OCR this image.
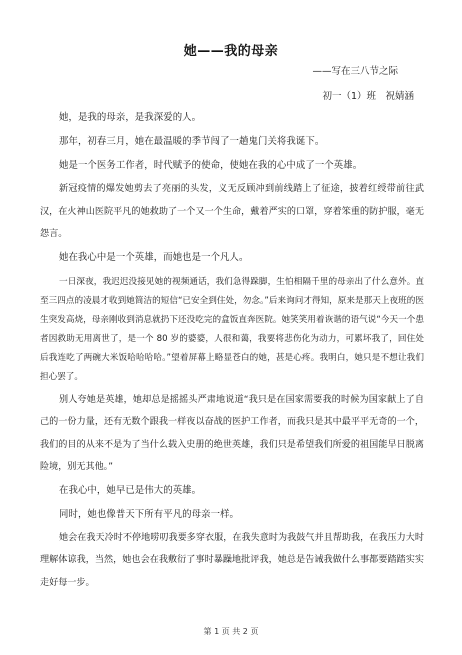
她——我的母亲
——写在三八节之际
初一（1）班　祝婧涵

她，是我的母亲，是我深爱的人。

那年，初春三月，她在最温暖的季节闯了一趟鬼门关将我诞下。

她是一个医务工作者，时代赋予的使命，使她在我的心中成了一个英雄。

新冠疫情的爆发她剪去了亮丽的头发，义无反顾冲到前线踏上了征途，披着红绶带前往武汉，在火神山医院平凡的她救助了一个又一个生命，戴着严实的口罩，穿着笨重的防护服，毫无怨言。

她在我心中是一个英雄，而她也是一个凡人。

一日深夜，我迟迟没接见她的视频通话，我们急得跺脚，生怕相隔千里的母亲出了什么意外。直至三四点的凌晨才收到她简洁的短信“已安全到住处，勿念。”后来询问才得知，原来是那天上夜班的医生突发高烧，母亲刚收到消息就扔下还没吃完的盒饭直奔医院。她笑笑用着诙谐的语气说“今天一个患者因救助无用离世了，是一个 80 岁的婆婆，人很和蔼，我要将悲伤化为动力，可累坏我了，回住处后我连吃了两碗大米饭哈哈哈哈。”望着屏幕上略显苍白的她，甚是心疼。我明白，她只是不想让我们担心罢了。

别人夸她是英雄，她却总是摇摇头严肃地说道“我只是在国家需要我的时候为国家献上了自己的一份力量，还有无数个跟我一样夜以奋战的医护工作者，而我只是其中最平平无奇的一个，我们的目的从来不是为了当什么载入史册的绝世英雄，我们只是希望我们所爱的祖国能早日脱离险境，别无其他。”

在我心中，她早已是伟大的英雄。

同时，她也像普天下所有平凡的母亲一样。

她会在我天冷时不停地唠叨我要多穿衣服，在我失意时为我鼓气并且帮助我，在我压力大时理解体谅我，当然，她也会在我敷衍了事时暴躁地批评我，她总是告诫我做什么事都要踏踏实实走好每一步。

第 1 页 共 2 页
